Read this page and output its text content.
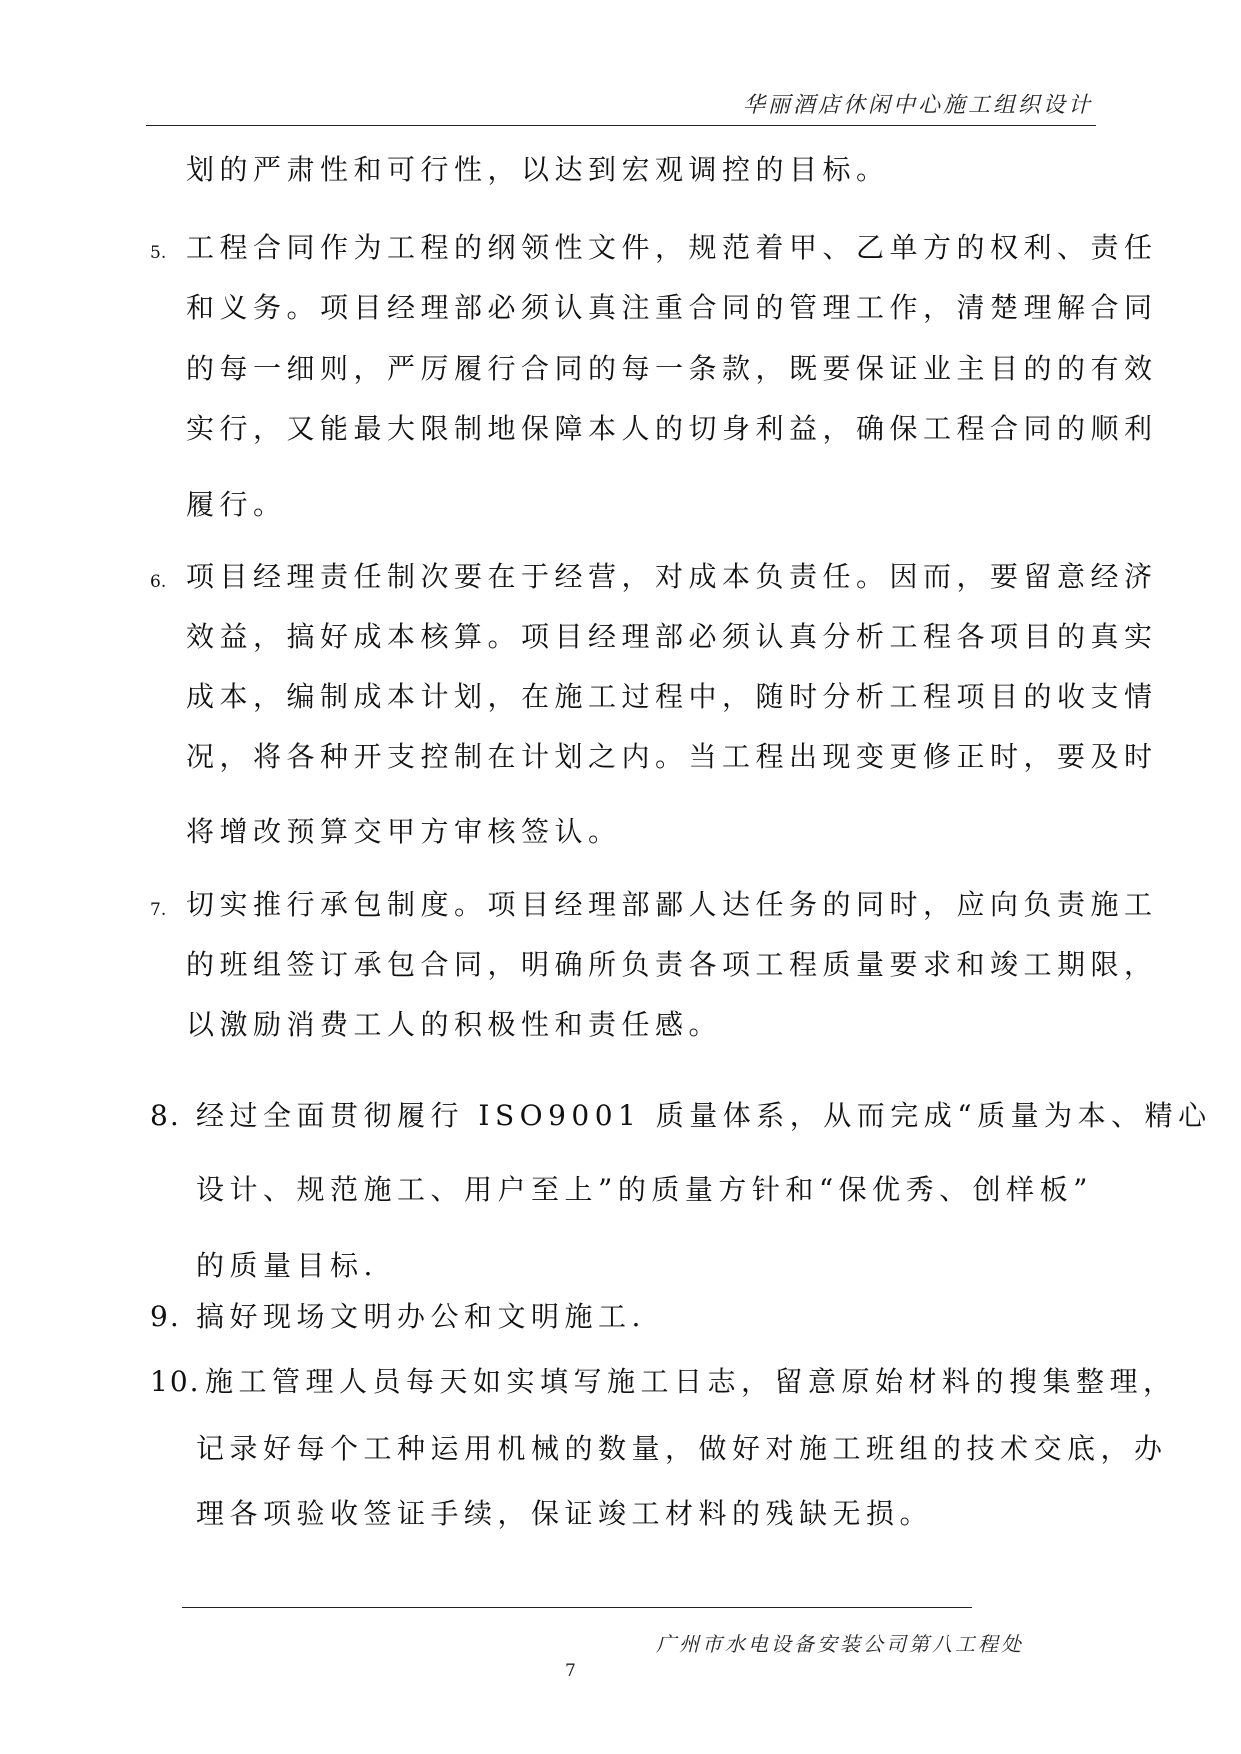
华丽酒店休闲中心施工组织设计
划的严肃性和可行性，以达到宏观调控的目标。
5. 工程合同作为工程的纲领性文件，规范着甲、乙单方的权利、责任
和义务。项目经理部必须认真注重合同的管理工作，清楚理解合同
的每一细则，严厉履行合同的每一条款，既要保证业主目的的有效
实行，又能最大限制地保障本人的切身利益，确保工程合同的顺利
履行。
6. 项目经理责任制次要在于经营，对成本负责任。因而，要留意经济
效益，搞好成本核算。项目经理部必须认真分析工程各项目的真实
成本，编制成本计划，在施工过程中，随时分析工程项目的收支情
况，将各种开支控制在计划之内。当工程出现变更修正时，要及时
将增改预算交甲方审核签认。
7. 切实推行承包制度。项目经理部鄙人达任务的同时，应向负责施工
的班组签订承包合同，明确所负责各项工程质量要求和竣工期限，
以激励消费工人的积极性和责任感。
8. 经过全面贯彻履行 ISO9001 质量体系，从而完成“质量为本、精心
设计、规范施工、用户至上”的质量方针和“保优秀、创样板”
的质量目标.
9. 搞好现场文明办公和文明施工.
10. 施工管理人员每天如实填写施工日志，留意原始材料的搜集整理，
记录好每个工种运用机械的数量，做好对施工班组的技术交底，办
理各项验收签证手续，保证竣工材料的残缺无损。
广州市水电设备安装公司第八工程处
7
